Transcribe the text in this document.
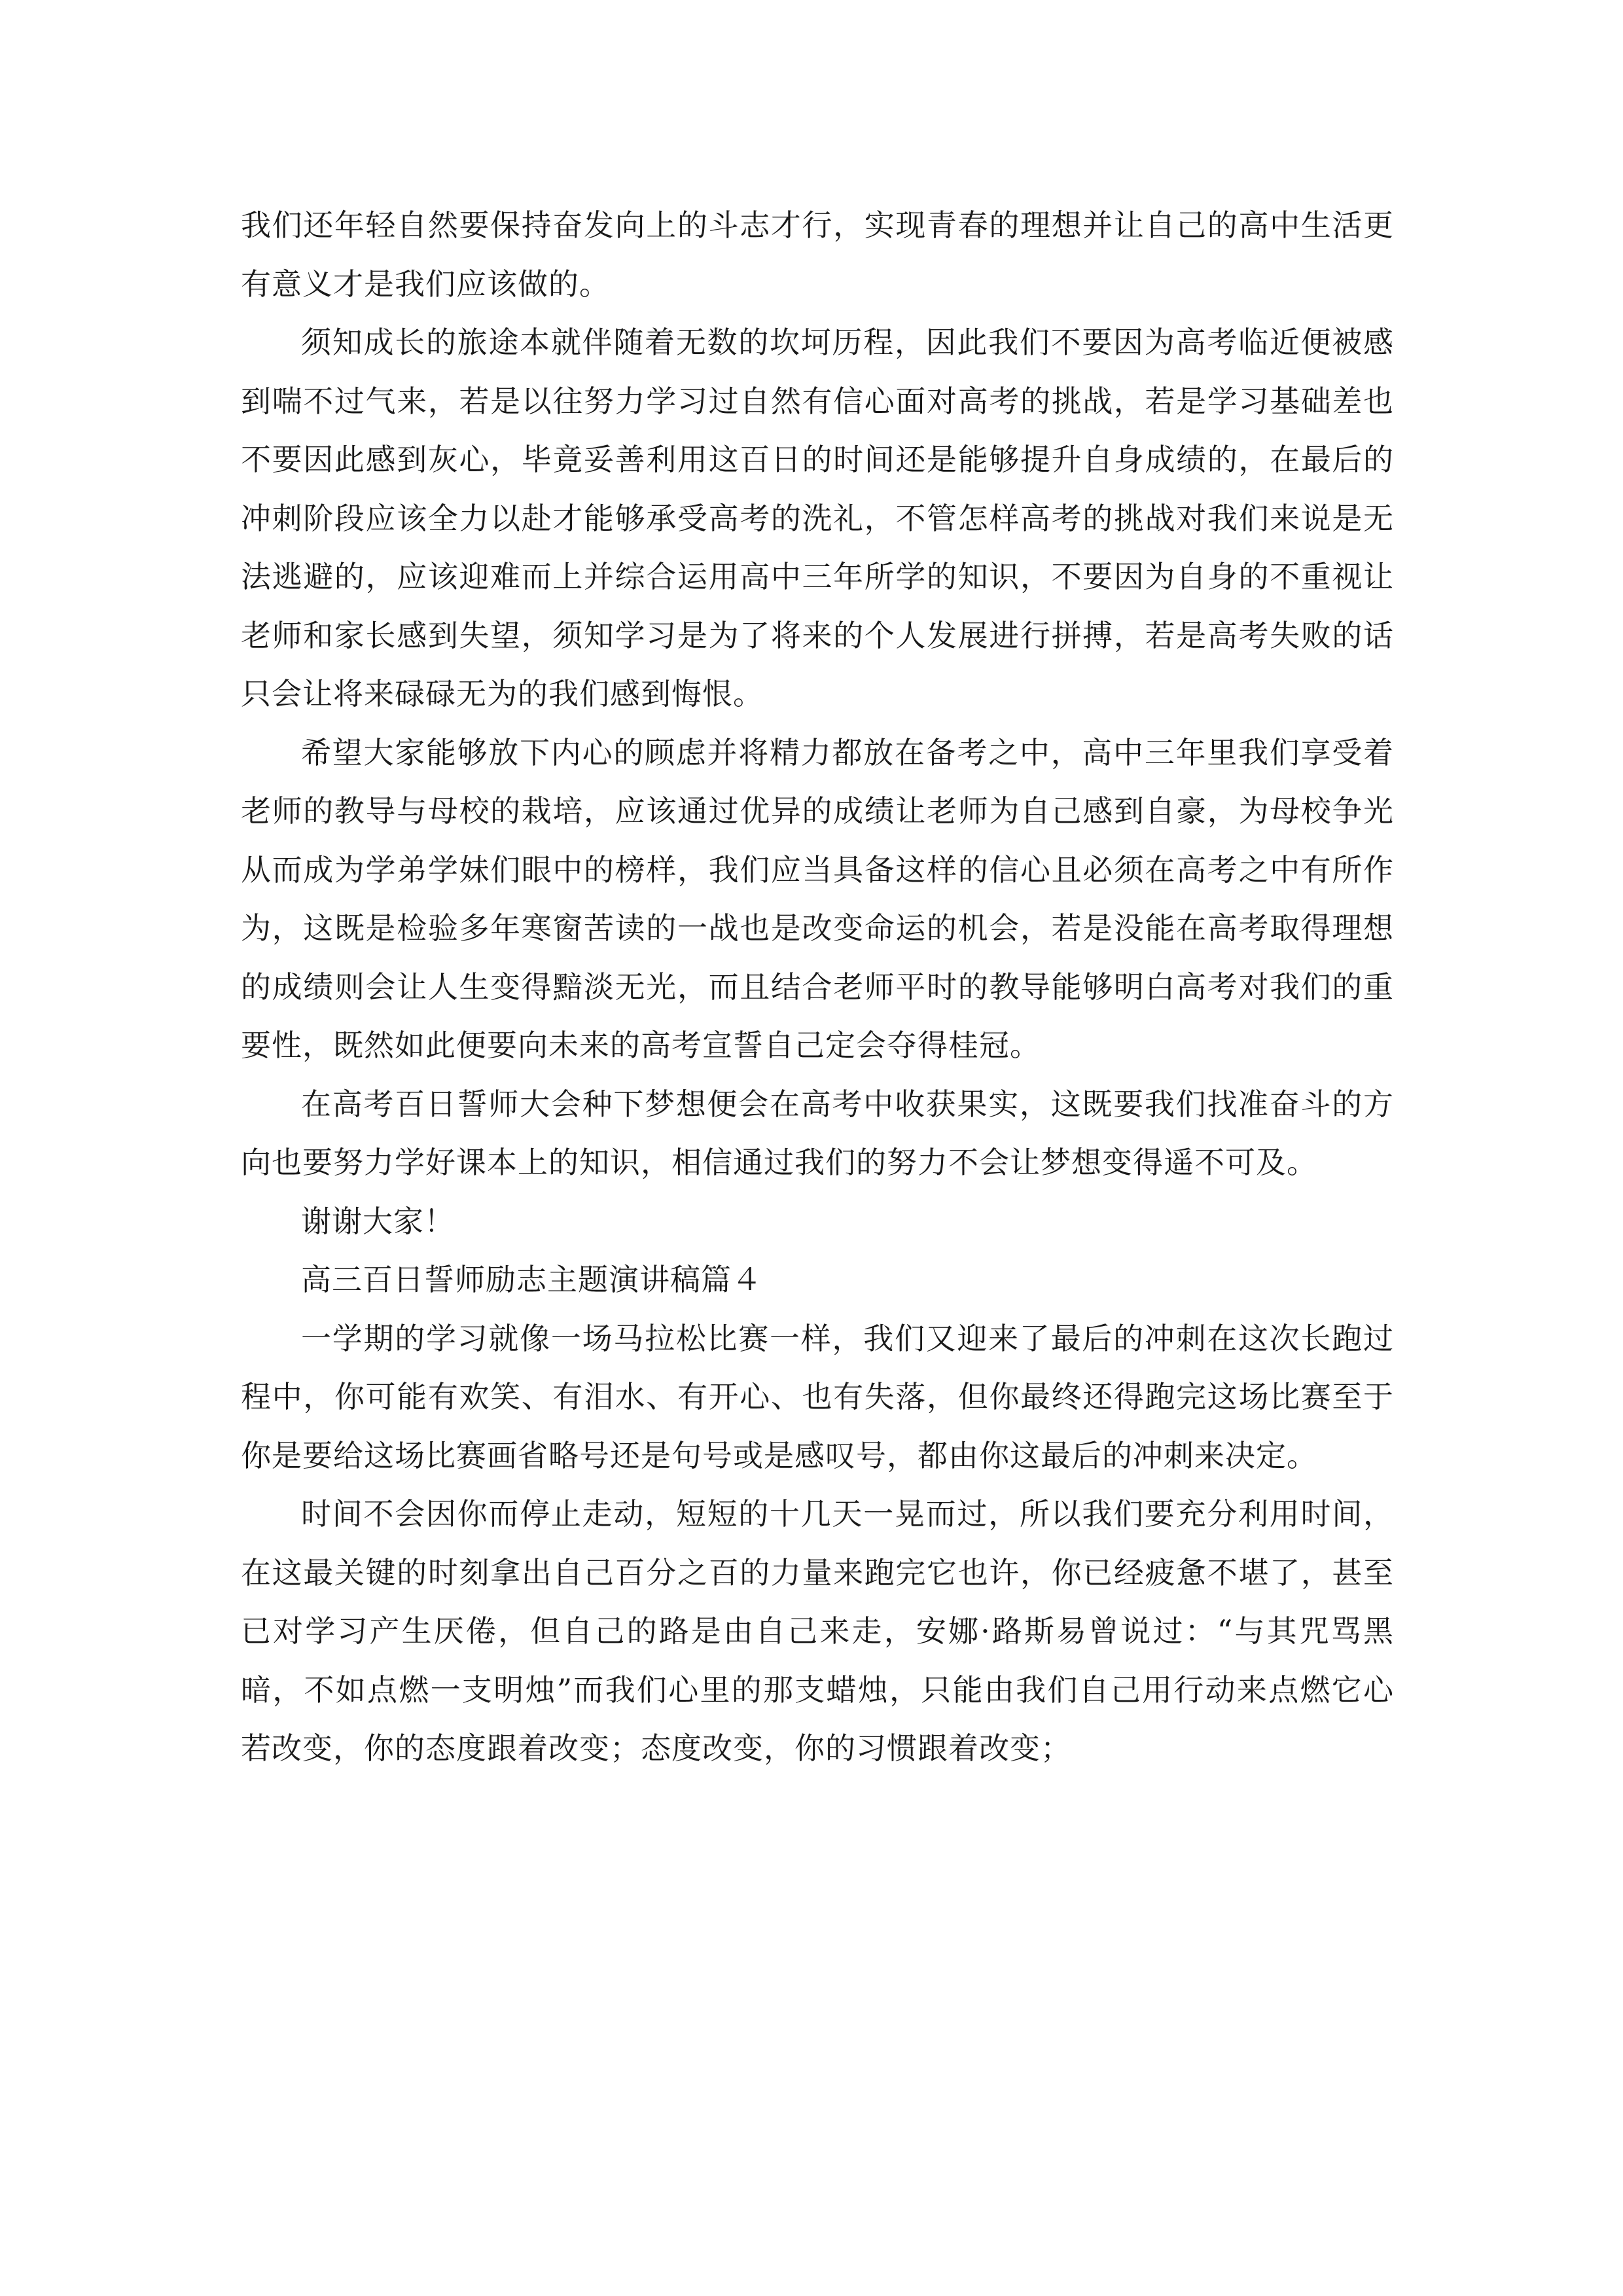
我们还年轻自然要保持奋发向上的斗志才行，实现青春的理想并让自己的高中生活更有意义才是我们应该做的。

须知成长的旅途本就伴随着无数的坎坷历程，因此我们不要因为高考临近便被感到喘不过气来，若是以往努力学习过自然有信心面对高考的挑战，若是学习基础差也不要因此感到灰心，毕竟妥善利用这百日的时间还是能够提升自身成绩的，在最后的冲刺阶段应该全力以赴才能够承受高考的洗礼，不管怎样高考的挑战对我们来说是无法逃避的，应该迎难而上并综合运用高中三年所学的知识，不要因为自身的不重视让老师和家长感到失望，须知学习是为了将来的个人发展进行拼搏，若是高考失败的话只会让将来碌碌无为的我们感到悔恨。

希望大家能够放下内心的顾虑并将精力都放在备考之中，高中三年里我们享受着老师的教导与母校的栽培，应该通过优异的成绩让老师为自己感到自豪，为母校争光从而成为学弟学妹们眼中的榜样，我们应当具备这样的信心且必须在高考之中有所作为，这既是检验多年寒窗苦读的一战也是改变命运的机会，若是没能在高考取得理想的成绩则会让人生变得黯淡无光，而且结合老师平时的教导能够明白高考对我们的重要性，既然如此便要向未来的高考宣誓自己定会夺得桂冠。

在高考百日誓师大会种下梦想便会在高考中收获果实，这既要我们找准奋斗的方向也要努力学好课本上的知识，相信通过我们的努力不会让梦想变得遥不可及。

谢谢大家！

高三百日誓师励志主题演讲稿篇４

一学期的学习就像一场马拉松比赛一样，我们又迎来了最后的冲刺在这次长跑过程中，你可能有欢笑、有泪水、有开心、也有失落，但你最终还得跑完这场比赛至于你是要给这场比赛画省略号还是句号或是感叹号，都由你这最后的冲刺来决定。

时间不会因你而停止走动，短短的十几天一晃而过，所以我们要充分利用时间，在这最关键的时刻拿出自己百分之百的力量来跑完它也许，你已经疲惫不堪了，甚至已对学习产生厌倦，但自己的路是由自己来走，安娜·路斯易曾说过：“与其咒骂黑暗，不如点燃一支明烛”而我们心里的那支蜡烛，只能由我们自己用行动来点燃它心若改变，你的态度跟着改变；态度改变，你的习惯跟着改变；
